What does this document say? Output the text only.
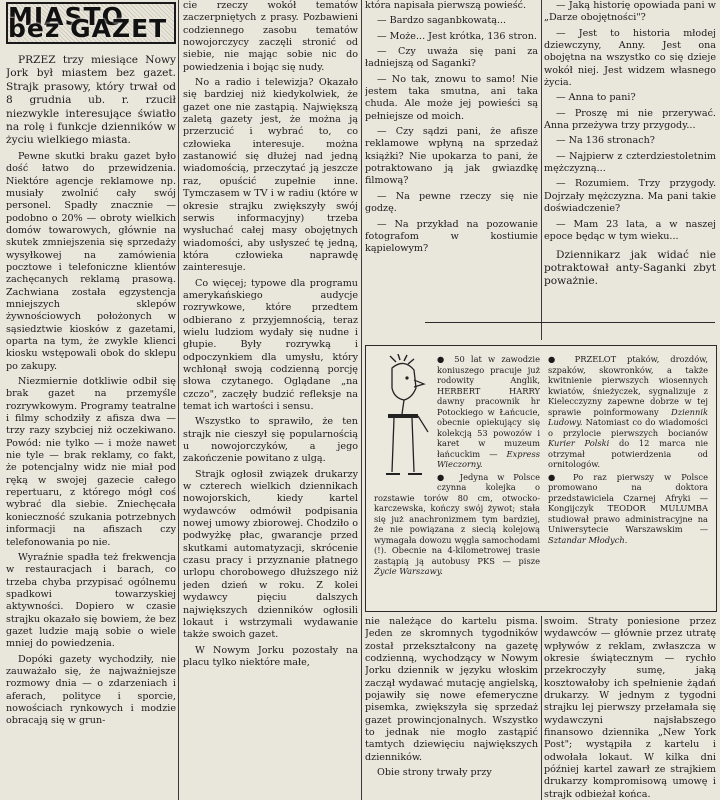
MIASTO bez GAZET

PRZEZ trzy miesiące Nowy Jork był miastem bez gazet. Strajk prasowy, który trwał od 8 grudnia ub. r. rzucił niezwykle interesujące światło na rolę i funkcje dzienników w życiu wielkiego miasta.

Pewne skutki braku gazet było dość łatwo do przewidzenia. Niektóre agencje reklamowe np. musiały zwolnić cały swój personel. Spadły znacznie — podobno o 20% — obroty wielkich domów towarowych, głównie na skutek zmniejszenia się sprzedaży wysyłkowej na zamówienia pocztowe i telefoniczne klientów zachęcanych reklamą prasową. Zachwiana została egzystencja mniejszych sklepów żywnościowych położonych w sąsiedztwie kiosków z gazetami, oparta na tym, że zwykle klienci kiosku wstępowali obok do sklepu po zakupy.

Niezmiernie dotkliwie odbił się brak gazet na przemyśle rozrywkowym. Programy teatralne i filmy schodziły z afisza dwa — trzy razy szybciej niż oczekiwano. Powód: nie tylko — i może nawet nie tyle — brak reklamy, co fakt, że potencjalny widz nie miał pod ręką w swojej gazecie całego repertuaru, z którego mógł coś wybrać dla siebie. Zniechęcała konieczność szukania potrzebnych informacji na afiszach czy telefonowania po nie.

Wyraźnie spadła też frekwencja w restauracjach i barach, co trzeba chyba przypisać ogólnemu spadkowi towarzyskiej aktywności. Dopiero w czasie strajku okazało się bowiem, że bez gazet ludzie mają sobie o wiele mniej do powiedzenia.

Dopóki gazety wychodziły, nie zauważało się, że najważniejsze rozmowy dnia — o zdarzeniach i aferach, polityce i sporcie, nowościach rynkowych i modzie obracają się w grun-

cie rzeczy wokół tematów zaczerpniętych z prasy. Pozbawieni codziennego zasobu tematów nowojorczycy zaczęli stronić od siebie, nie mając sobie nic do powiedzenia i bojąc się nudy.

No a radio i telewizja? Okazało się bardziej niż kiedykolwiek, że gazet one nie zastąpią. Największą zaletą gazety jest, że można ją przerzucić i wybrać to, co człowieka interesuje. można zastanowić się dłużej nad jedną wiadomością, przeczytać ją jeszcze raz, opuścić zupełnie inne. Tymczasem w TV i w radiu (które w okresie strajku zwiększyły swój serwis informacyjny) trzeba wysłuchać całej masy obojętnych wiadomości, aby usłyszeć tę jedną, która człowieka naprawdę zainteresuje.

Co więcej; typowe dla programu amerykańskiego audycje rozrywkowe, które przedtem odbierano z przyjemnością, teraz wielu ludziom wydały się nudne i głupie. Były rozrywką i odpoczynkiem dla umysłu, który wchłonął swoją codzienną porcję słowa czytanego. Oglądane „na czczo", zaczęły budzić refleksje na temat ich wartości i sensu.

Wszystko to sprawiło, że ten strajk nie cieszył się popularnością u nowojorczyków, a jego zakończenie powitano z ulgą.

Strajk ogłosił związek drukarzy w czterech wielkich dziennikach nowojorskich, kiedy kartel wydawców odmówił podpisania nowej umowy zbiorowej. Chodziło o podwyżkę płac, gwarancje przed skutkami automatyzacji, skrócenie czasu pracy i przyznanie płatnego urlopu chorobowego dłuższego niż jeden dzień w roku. Z kolei wydawcy pięciu dalszych największych dzienników ogłosili lokaut i wstrzymali wydawanie także swoich gazet.

W Nowym Jorku pozostały na placu tylko niektóre małe,

która napisała pierwszą powieść.

— Bardzo saganbkowatą...

— Może... Jest krótka, 136 stron.

— Czy uważa się pani za ładniejszą od Saganki?

— No tak, znowu to samo! Nie jestem taka smutna, ani taka chuda. Ale może jej powieści są pełniejsze od moich.

— Czy sądzi pani, że afisze reklamowe wpłyną na sprzedaż książki? Nie upokarza to pani, że potraktowano ją jak gwiazdkę filmową?

— Na pewne rzeczy się nie godzę.

— Na przykład na pozowanie fotografom w kostiumie kąpielowym?

— Jaką historię opowiada pani w „Darze obojętności"?

— Jest to historia młodej dziewczyny, Anny. Jest ona obojętna na wszystko co się dzieje wokół niej. Jest widzem własnego życia.

— Anna to pani?

— Proszę mi nie przerywać. Anna przeżywa trzy przygody...

— Na 136 stronach?

— Najpierw z czterdziestoletnim mężczyzną...

— Rozumiem. Trzy przygody. Dojrzały mężczyzna. Ma pani takie doświadczenie?

— Mam 23 lata, a w naszej epoce będąc w tym wieku...

Dziennikarz jak widać nie potraktował anty-Saganki zbyt poważnie.

● 50 lat w zawodzie koniuszego pracuje już rodowity Anglik, HERBERT HARRY dawny pracownik hr Potockiego w Łańcucie, obecnie opiekujący się kolekcją 53 powozów i karet w muzeum łańcuckim — Express Wieczorny.

● Jedyna w Polsce czynna kolejka o rozstawie torów 80 cm, otwocko-karczewska, kończy swój żywot; stała się już anachronizmem tym bardziej, że nie powiązana z siecią kolejową wymagała dowozu węgla samochodami (!). Obecnie na 4-kilometrowej trasie zastąpią ją autobusy PKS — pisze Życie Warszawy.

● PRZELOT ptaków, drozdów, szpaków, skowronków, a także kwitnienie pierwszych wiosennych kwiatów, śnieżyczek, sygnalizuje z Kielecczyzny zapewne dobrze w tej sprawie poinformowany Dziennik Ludowy. Natomiast co do wiadomości o przylocie pierwszych bocianów Kurier Polski do 12 marca nie otrzymał potwierdzenia od ornitologów.

● Po raz pierwszy w Polsce promowano na doktora przedstawiciela Czarnej Afryki — Kongijczyk TEODOR MULUMBA studiował prawo administracyjne na Uniwersytecie Warszawskim — Sztandar Młodych.

nie należące do kartelu pisma. Jeden ze skromnych tygodników został przekształcony na gazetę codzienną, wychodzący w Nowym Jorku dziennik w języku włoskim zaczął wydawać mutację angielską, pojawiły się nowe efemeryczne pisemka, zwiększyła się sprzedaż gazet prowincjonalnych. Wszystko to jednak nie mogło zastąpić tamtych dziewięciu największych dzienników.

Obie strony trwały przy

swoim. Straty poniesione przez wydawców — głównie przez utratę wpływów z reklam, zwłaszcza w okresie świątecznym — rychło przekroczyły sumę, jaką kosztowałoby ich spełnienie żądań drukarzy. W jednym z tygodni strajku lej pierwszy przełamała się wydawczyni najsłabszego finansowo dziennika „New York Post"; wystąpiła z kartelu i odwołała lokaut. W kilka dni później kartel zawarł ze strajkiem drukarzy kompromisową umowę i strajk odbieżał końca.
